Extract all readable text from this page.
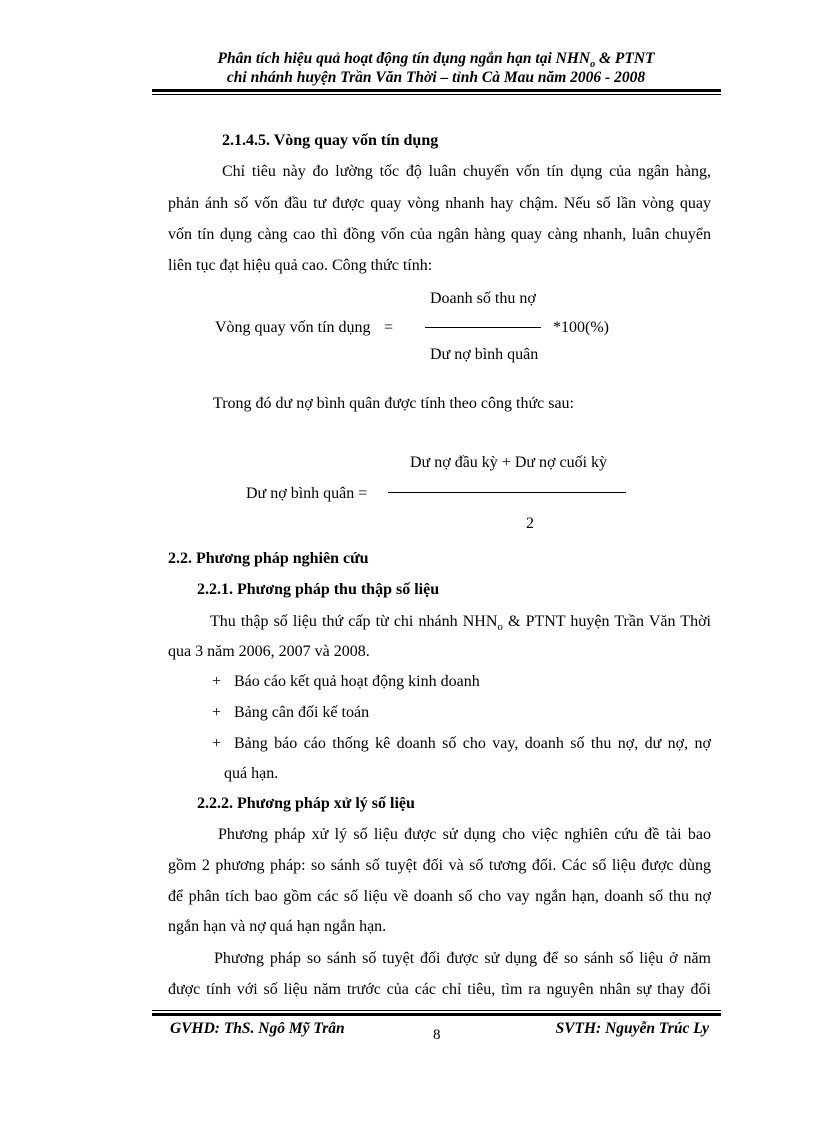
Phân tích hiệu quả hoạt động tín dụng ngắn hạn tại $NHN_o$ & PTNT
chi nhánh huyện Trần Văn Thời – tỉnh Cà Mau năm 2006 - 2008
2.1.4.5. Vòng quay vốn tín dụng
Chỉ tiêu này đo lường tốc độ luân chuyển vốn tín dụng của ngân hàng,
phản ánh số vốn đầu tư được quay vòng nhanh hay chậm. Nếu số lần vòng quay
vốn tín dụng càng cao thì đồng vốn của ngân hàng quay càng nhanh, luân chuyển
liên tục đạt hiệu quả cao. Công thức tính:
Doanh số thu nợ
Vòng quay vốn tín dụng =	*100(%)
Dư nợ bình quân
Trong đó dư nợ bình quân được tính theo công thức sau:
Dư nợ đầu kỳ + Dư nợ cuối kỳ
Dư nợ bình quân =
2
2.2. Phương pháp nghiên cứu
2.2.1. Phương pháp thu thập số liệu
Thu thập số liệu thứ cấp từ chi nhánh $NHN_o$ & PTNT huyện Trần Văn Thời
qua 3 năm 2006, 2007 và 2008.
+ Báo cáo kết quả hoạt động kinh doanh
+ Bảng cân đối kế toán
+ Bảng báo cáo thống kê doanh số cho vay, doanh số thu nợ, dư nợ, nợ
quá hạn.
2.2.2. Phương pháp xử lý số liệu
Phương pháp xử lý số liệu được sử dụng cho việc nghiên cứu đề tài bao
gồm 2 phương pháp: so sánh số tuyệt đối và số tương đối. Các số liệu được dùng
để phân tích bao gồm các số liệu về doanh số cho vay ngắn hạn, doanh số thu nợ
ngắn hạn và nợ quá hạn ngắn hạn.
Phương pháp so sánh số tuyệt đối được sử dụng để so sánh số liệu ở năm
được tính với số liệu năm trước của các chỉ tiêu, tìm ra nguyên nhân sự thay đổi
GVHD: ThS. Ngô Mỹ Trân	8	SVTH: Nguyễn Trúc Ly
